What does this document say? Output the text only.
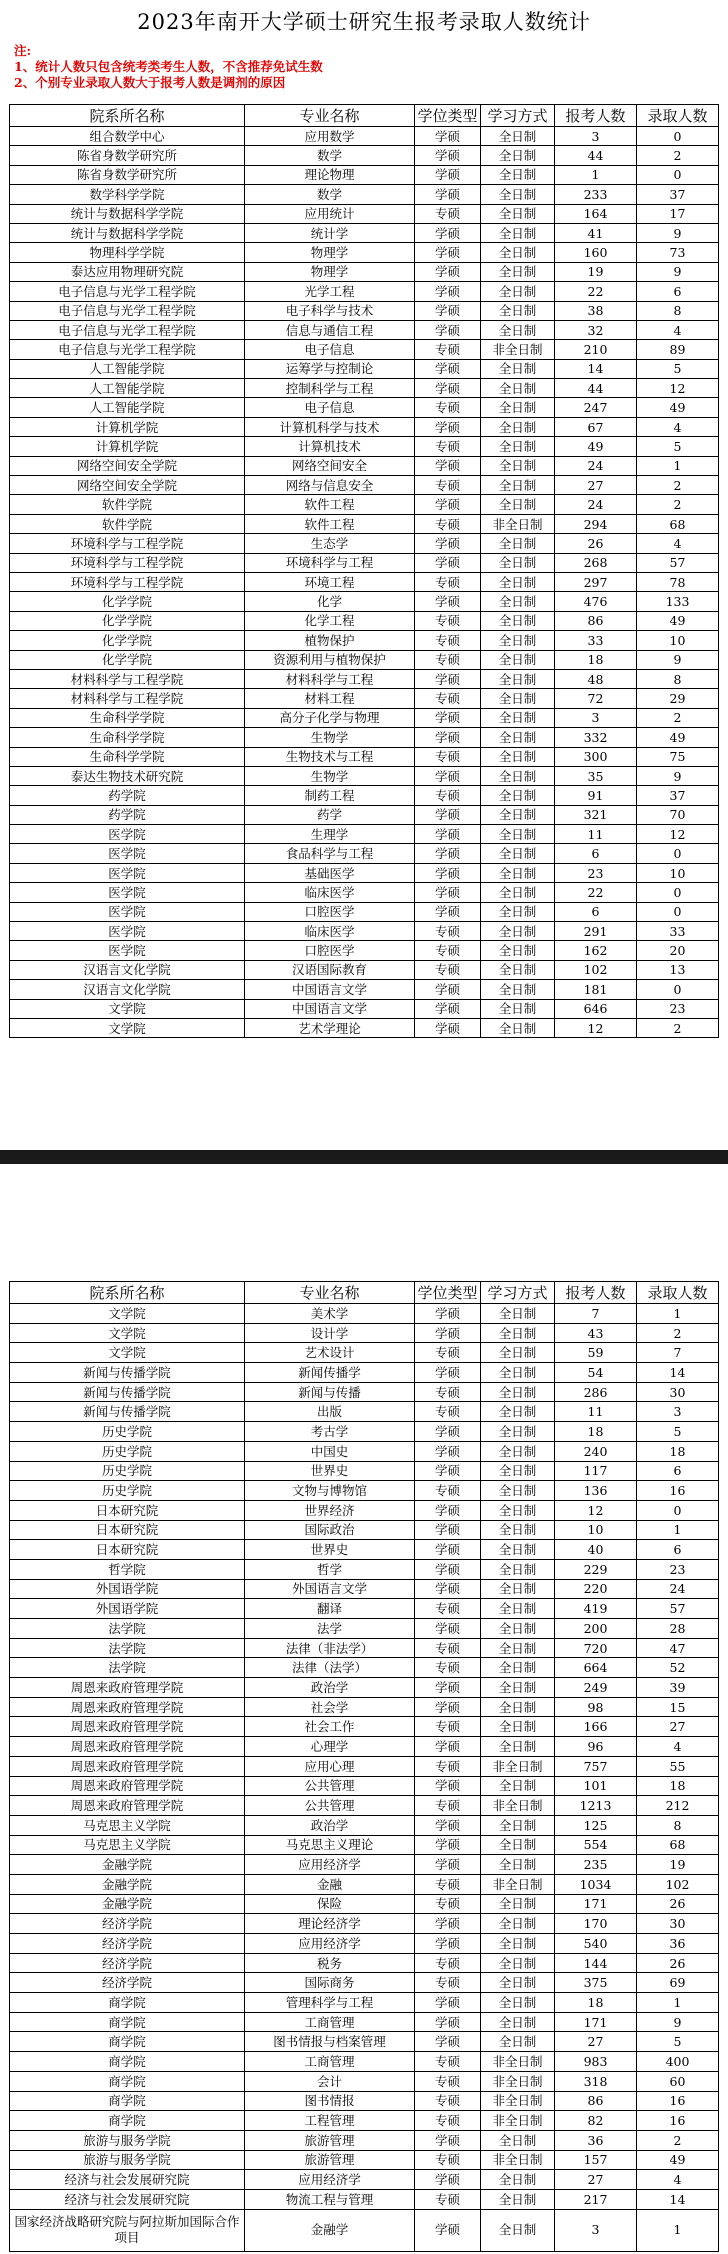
2023年南开大学硕士研究生报考录取人数统计
注:
1、统计人数只包含统考类考生人数，不含推荐免试生数
2、个别专业录取人数大于报考人数是调剂的原因
院系所名称	专业名称	学位类型	学习方式	报考人数	录取人数
组合数学中心	应用数学	学硕	全日制	3	0
陈省身数学研究所	数学	学硕	全日制	44	2
陈省身数学研究所	理论物理	学硕	全日制	1	0
数学科学学院	数学	学硕	全日制	233	37
统计与数据科学学院	应用统计	专硕	全日制	164	17
统计与数据科学学院	统计学	学硕	全日制	41	9
物理科学学院	物理学	学硕	全日制	160	73
泰达应用物理研究院	物理学	学硕	全日制	19	9
电子信息与光学工程学院	光学工程	学硕	全日制	22	6
电子信息与光学工程学院	电子科学与技术	学硕	全日制	38	8
电子信息与光学工程学院	信息与通信工程	学硕	全日制	32	4
电子信息与光学工程学院	电子信息	专硕	非全日制	210	89
人工智能学院	运筹学与控制论	学硕	全日制	14	5
人工智能学院	控制科学与工程	学硕	全日制	44	12
人工智能学院	电子信息	专硕	全日制	247	49
计算机学院	计算机科学与技术	学硕	全日制	67	4
计算机学院	计算机技术	专硕	全日制	49	5
网络空间安全学院	网络空间安全	学硕	全日制	24	1
网络空间安全学院	网络与信息安全	专硕	全日制	27	2
软件学院	软件工程	学硕	全日制	24	2
软件学院	软件工程	专硕	非全日制	294	68
环境科学与工程学院	生态学	学硕	全日制	26	4
环境科学与工程学院	环境科学与工程	学硕	全日制	268	57
环境科学与工程学院	环境工程	专硕	全日制	297	78
化学学院	化学	学硕	全日制	476	133
化学学院	化学工程	专硕	全日制	86	49
化学学院	植物保护	专硕	全日制	33	10
化学学院	资源利用与植物保护	专硕	全日制	18	9
材料科学与工程学院	材料科学与工程	学硕	全日制	48	8
材料科学与工程学院	材料工程	专硕	全日制	72	29
生命科学学院	高分子化学与物理	学硕	全日制	3	2
生命科学学院	生物学	学硕	全日制	332	49
生命科学学院	生物技术与工程	专硕	全日制	300	75
泰达生物技术研究院	生物学	学硕	全日制	35	9
药学院	制药工程	专硕	全日制	91	37
药学院	药学	学硕	全日制	321	70
医学院	生理学	学硕	全日制	11	12
医学院	食品科学与工程	学硕	全日制	6	0
医学院	基础医学	学硕	全日制	23	10
医学院	临床医学	学硕	全日制	22	0
医学院	口腔医学	学硕	全日制	6	0
医学院	临床医学	专硕	全日制	291	33
医学院	口腔医学	专硕	全日制	162	20
汉语言文化学院	汉语国际教育	专硕	全日制	102	13
汉语言文化学院	中国语言文学	学硕	全日制	181	0
文学院	中国语言文学	学硕	全日制	646	23
文学院	艺术学理论	学硕	全日制	12	2
院系所名称	专业名称	学位类型	学习方式	报考人数	录取人数
文学院	美术学	学硕	全日制	7	1
文学院	设计学	学硕	全日制	43	2
文学院	艺术设计	专硕	全日制	59	7
新闻与传播学院	新闻传播学	学硕	全日制	54	14
新闻与传播学院	新闻与传播	专硕	全日制	286	30
新闻与传播学院	出版	专硕	全日制	11	3
历史学院	考古学	学硕	全日制	18	5
历史学院	中国史	学硕	全日制	240	18
历史学院	世界史	学硕	全日制	117	6
历史学院	文物与博物馆	专硕	全日制	136	16
日本研究院	世界经济	学硕	全日制	12	0
日本研究院	国际政治	学硕	全日制	10	1
日本研究院	世界史	学硕	全日制	40	6
哲学院	哲学	学硕	全日制	229	23
外国语学院	外国语言文学	学硕	全日制	220	24
外国语学院	翻译	专硕	全日制	419	57
法学院	法学	学硕	全日制	200	28
法学院	法律（非法学）	专硕	全日制	720	47
法学院	法律（法学）	专硕	全日制	664	52
周恩来政府管理学院	政治学	学硕	全日制	249	39
周恩来政府管理学院	社会学	学硕	全日制	98	15
周恩来政府管理学院	社会工作	专硕	全日制	166	27
周恩来政府管理学院	心理学	学硕	全日制	96	4
周恩来政府管理学院	应用心理	专硕	非全日制	757	55
周恩来政府管理学院	公共管理	学硕	全日制	101	18
周恩来政府管理学院	公共管理	专硕	非全日制	1213	212
马克思主义学院	政治学	学硕	全日制	125	8
马克思主义学院	马克思主义理论	学硕	全日制	554	68
金融学院	应用经济学	学硕	全日制	235	19
金融学院	金融	专硕	非全日制	1034	102
金融学院	保险	专硕	全日制	171	26
经济学院	理论经济学	学硕	全日制	170	30
经济学院	应用经济学	学硕	全日制	540	36
经济学院	税务	专硕	全日制	144	26
经济学院	国际商务	专硕	全日制	375	69
商学院	管理科学与工程	学硕	全日制	18	1
商学院	工商管理	学硕	全日制	171	9
商学院	图书情报与档案管理	学硕	全日制	27	5
商学院	工商管理	专硕	非全日制	983	400
商学院	会计	专硕	非全日制	318	60
商学院	图书情报	专硕	非全日制	86	16
商学院	工程管理	专硕	非全日制	82	16
旅游与服务学院	旅游管理	学硕	全日制	36	2
旅游与服务学院	旅游管理	专硕	非全日制	157	49
经济与社会发展研究院	应用经济学	学硕	全日制	27	4
经济与社会发展研究院	物流工程与管理	专硕	全日制	217	14
国家经济战略研究院与阿拉斯加国际合作项目	金融学	学硕	全日制	3	1
